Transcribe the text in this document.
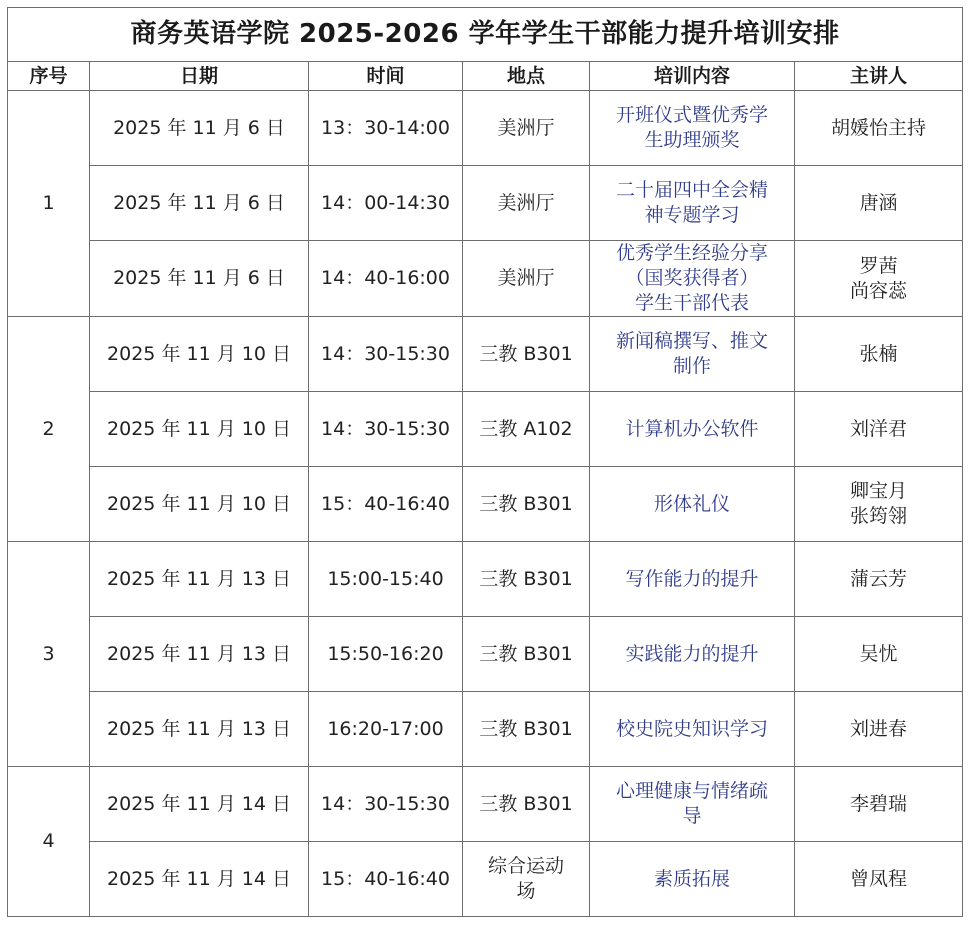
商务英语学院 2025-2026 学年学生干部能力提升培训安排					
序号	日期	时间	地点	培训内容	主讲人
1	2025 年 11 月 6 日	13：30-14:00	美洲厅	开班仪式暨优秀学
生助理颁奖	胡媛怡主持

	2025 年 11 月 6 日	14：00-14:30	美洲厅	二十届四中全会精
神专题学习	唐涵

	2025 年 11 月 6 日	14：40-16:00	美洲厅	优秀学生经验分享
（国奖获得者）
学生干部代表	罗茜
尚容蕊

2	2025 年 11 月 10 日	14：30-15:30	三教 B301	新闻稿撰写、推文
制作	张楠

	2025 年 11 月 10 日	14：30-15:30	三教 A102	计算机办公软件	刘洋君

	2025 年 11 月 10 日	15：40-16:40	三教 B301	形体礼仪	卿宝月
张筠翎

3	2025 年 11 月 13 日	15:00-15:40	三教 B301	写作能力的提升	蒲云芳

	2025 年 11 月 13 日	15:50-16:20	三教 B301	实践能力的提升	吴忧

	2025 年 11 月 13 日	16:20-17:00	三教 B301	校史院史知识学习	刘进春

4	2025 年 11 月 14 日	14：30-15:30	三教 B301	心理健康与情绪疏
导	李碧瑞

	2025 年 11 月 14 日	15：40-16:40	综合运动
场	素质拓展	曾凤程
